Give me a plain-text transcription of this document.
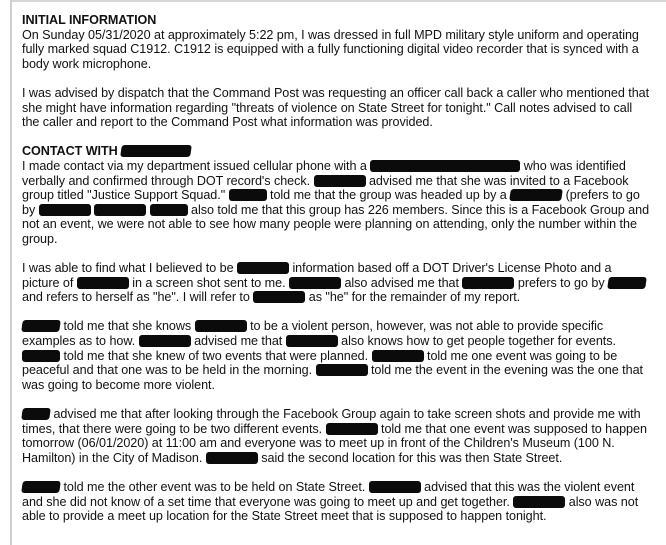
INITIAL INFORMATION

On Sunday 05/31/2020 at approximately 5:22 pm, I was dressed in full MPD military style uniform and operating fully marked squad C1912. C1912 is equipped with a fully functioning digital video recorder that is synced with a body work microphone.

I was advised by dispatch that the Command Post was requesting an officer call back a caller who mentioned that she might have information regarding "threats of violence on State Street for tonight." Call notes advised to call the caller and report to the Command Post what information was provided.

CONTACT WITH

I made contact via my department issued cellular phone with a	who was identified verbally and confirmed through DOT record's check.	advised me that she was invited to a Facebook group titled "Justice Support Squad."	told me that the group was headed up by a	(prefers to go by	also told me that this group has 226 members. Since this is a Facebook Group and not an event, we were not able to see how many people were planning on attending, only the number within the group.

I was able to find what I believed to be	information based off a DOT Driver's License Photo and a picture of	in a screen shot sent to me.	also advised me that	prefers to go by  and refers to herself as "he". I will refer to	as "he" for the remainder of my report.

told me that she knows	to be a violent person, however, was not able to provide specific examples as to how.	advised me that	also knows how to get people together for events.  told me that she knew of two events that were planned.	told me one event was going to be peaceful and that one was to be held in the morning.	told me the event in the evening was the one that was going to become more violent.

advised me that after looking through the Facebook Group again to take screen shots and provide me with times, that there were going to be two different events.	told me that one event was supposed to happen tomorrow (06/01/2020) at 11:00 am and everyone was to meet up in front of the Children's Museum (100 N. Hamilton) in the City of Madison.	said the second location for this was then State Street.

told me the other event was to be held on State Street.	advised that this was the violent event and she did not know of a set time that everyone was going to meet up and get together.	also was not able to provide a meet up location for the State Street meet that is supposed to happen tonight.
